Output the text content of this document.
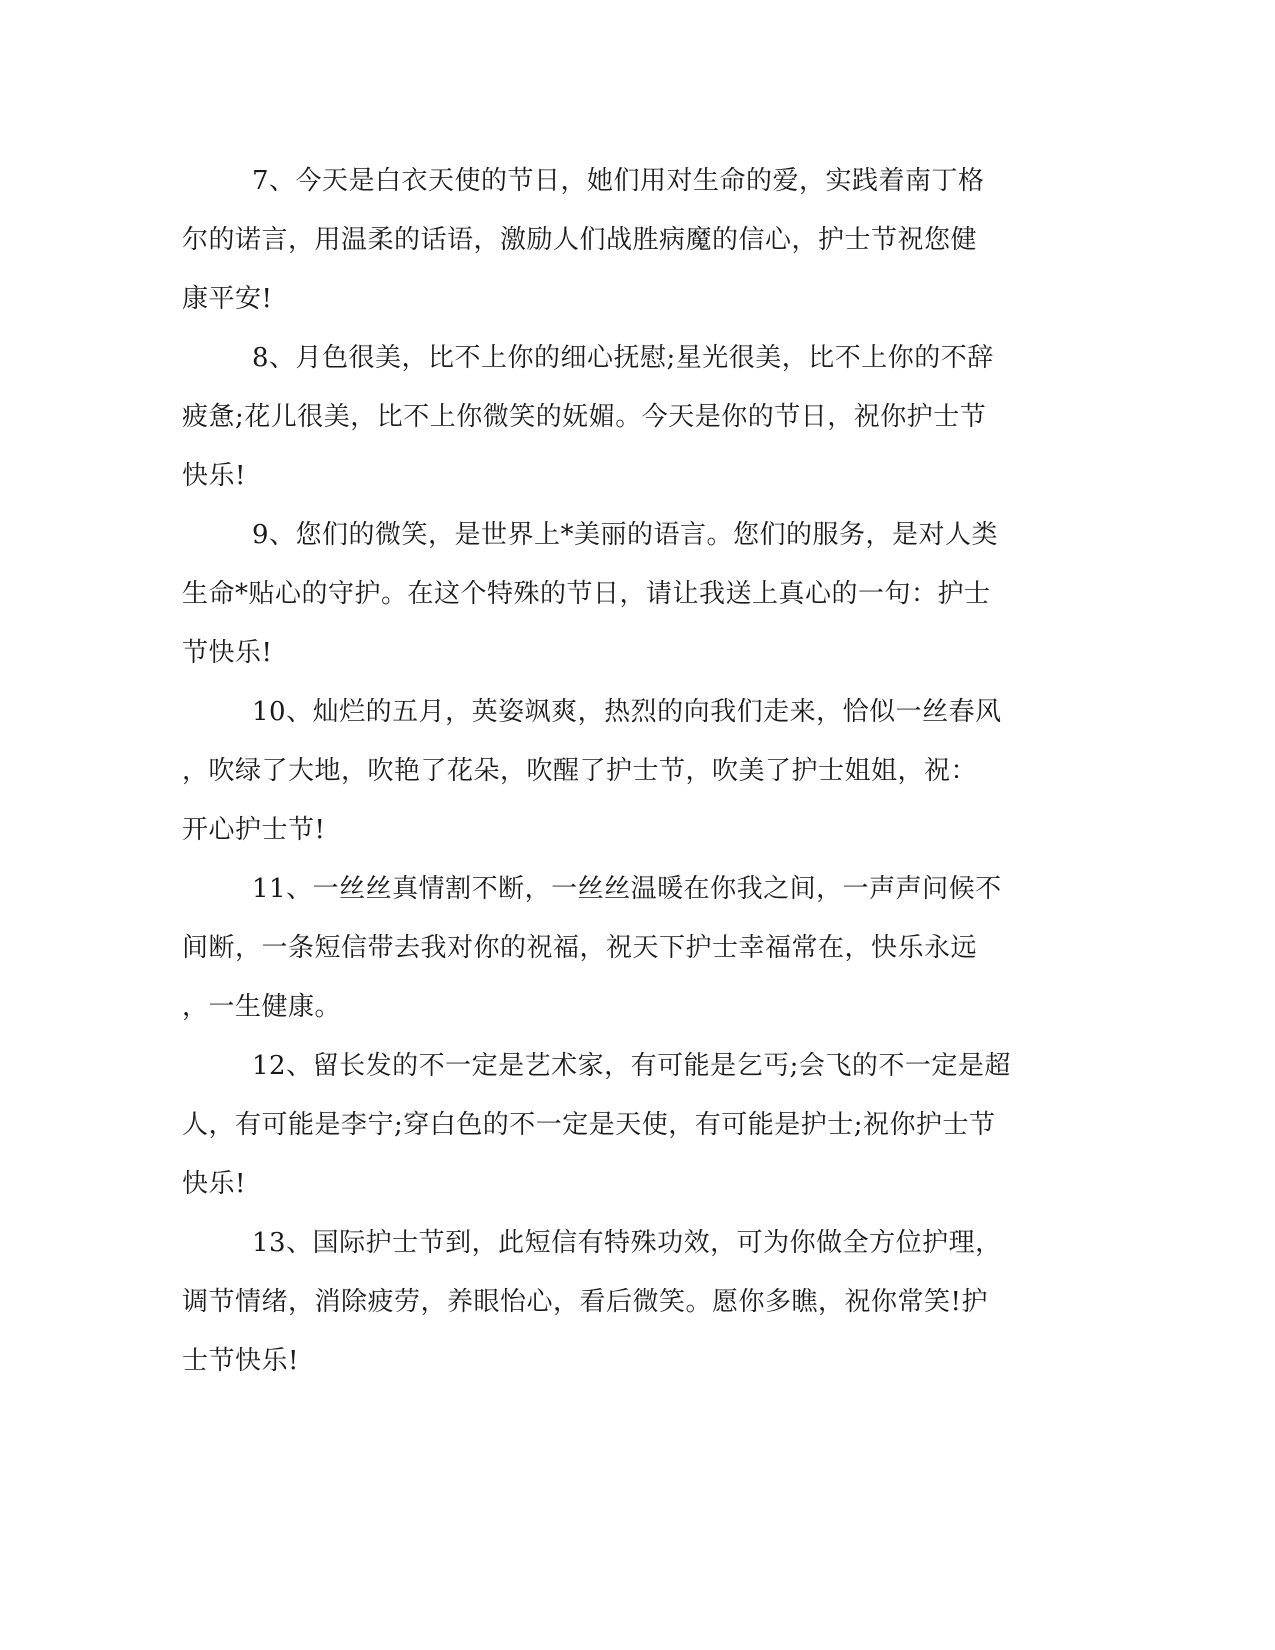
7、今天是白衣天使的节日，她们用对生命的爱，实践着南丁格
尔的诺言，用温柔的话语，激励人们战胜病魔的信心，护士节祝您健
康平安!

8、月色很美，比不上你的细心抚慰;星光很美，比不上你的不辞
疲惫;花儿很美，比不上你微笑的妩媚。今天是你的节日，祝你护士节
快乐!

9、您们的微笑，是世界上*美丽的语言。您们的服务，是对人类
生命*贴心的守护。在这个特殊的节日，请让我送上真心的一句：护士
节快乐!

10、灿烂的五月，英姿飒爽，热烈的向我们走来，恰似一丝春风
，吹绿了大地，吹艳了花朵，吹醒了护士节，吹美了护士姐姐，祝：
开心护士节!

11、一丝丝真情割不断，一丝丝温暖在你我之间，一声声问候不
间断，一条短信带去我对你的祝福，祝天下护士幸福常在，快乐永远
，一生健康。

12、留长发的不一定是艺术家，有可能是乞丐;会飞的不一定是超
人，有可能是李宁;穿白色的不一定是天使，有可能是护士;祝你护士节
快乐!

13、国际护士节到，此短信有特殊功效，可为你做全方位护理，
调节情绪，消除疲劳，养眼怡心，看后微笑。愿你多瞧，祝你常笑!护
士节快乐!
